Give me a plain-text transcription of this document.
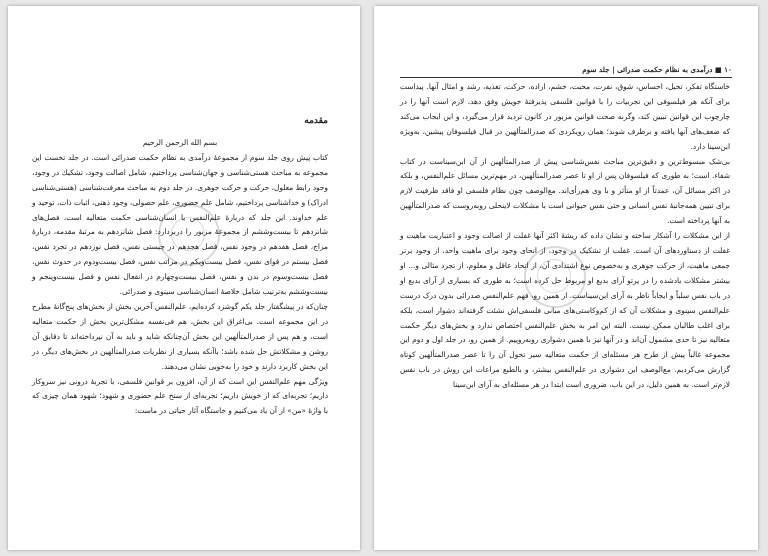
مقدمه

بسم الله الرحمن الرحيم

كتاب پيش روى جلد سوم از مجموعهٔ درآمدی به نظام حكمت صدرائی است. در جلد نخست اين مجموعه به مباحث هستی‌شناسی و جهان‌شناسی پرداختيم، شامل اصالت وجود، تشكيك در وجود، وجود رابط معلول، حركت و حركت جوهری. در جلد دوم به مباحث معرفت‌شناسی (هستی‌شناسی ادراک) و خداشناسی پرداختيم، شامل علم حضوری، علم حصولی، وجود ذهنی، اثبات ذات، توحيد و علم خداوند. اين جلد كه دربارهٔ علم‌النفس يا انسان‌شناسی حكمت متعاليه است، فصل‌هاى شانزدهم تا بيست‌وششم از مجموعهٔ مزبور را دربردارد: فصل شانزدهم به مرتبهٔ مقدمه، دربارهٔ مزاج، فصل هفدهم در وجود نفس، فصل هجدهم در چيستی نفس، فصل نوزدهم در تجرد نفس، فصل بيستم در قوای نفس، فصل بيست‌ويكم در مراتب نفس، فصل بيست‌ودوم در حدوث نفس، فصل بيست‌وسوم در بدن و نفس، فصل بيست‌وچهارم در انفعال نفس و فصل بيست‌وپنجم و بيست‌وششم به‌ترتيب شامل خلاصهٔ انسان‌شناسی سينوی و صدرائی.

چنان‌كه در پيشگفتار جلد يكم گوشزد كرده‌ايم، علم‌النفس آخرين بخش از بخش‌های پنج‌گانهٔ مطرح در اين مجموعه است. بی‌اغراق اين بخش، هم فی‌نفسه مشكل‌ترين بخش از حكمت متعاليه است، و هم پس از صدرالمتألهين اين بخش آن‌چنانكه شايد و بايد به آن نپرداخته‌اند تا دقايق آن روشن و مشكلاتش حل شده باشد؛ باآنكه بسياری از نظريات صدرالمتألهين در بخش‌های ديگر، در اين بخش كاربرد دارند و خود را به‌خوبی نشان می‌دهند.

ويژگی مهم علم‌النفس اين است كه از آن، افزون بر قوانين فلسفی، با تجربهٔ درونی نيز سروكار داريم؛ تجربه‌ای كه از خويش داريم؛ تجربه‌ای از سنخ علم حضوری و شهود؛ شهود همان چيزی كه با واژهٔ «من» از آن ياد می‌كنيم و خاستگاه آثار حياتی در ماست:

۱۰ ■ درآمدی به نظام حكمت صدرائی | جلد سوم

خاستگاه تفكر، تخيل، احساس، شوق، نفرت، محبت، خشم، اراده، حركت، تغذيه، رشد و امثال آنها. پيداست برای آنكه هر فيلسوفی اين تجربيات را با قوانين فلسفی پذيرفتهٔ خويش وفق دهد، لازم است آنها را در چارچوب اين قوانين تبيين كند، وگرنه صحت قوانين مزبور در كانون ترديد قرار می‌گيرد، و اين ايجاب می‌كند كه ضعف‌های آنها يافته و برطرف شوند؛ همان رويكردی كه صدرالمتألهين در قبال فيلسوفان پيشين، به‌ويژه ابن‌سينا دارد.

بی‌شک مبسوط‌ترين و دقيق‌ترين مباحث نفس‌شناسی پيش از صدرالمتألهين از آن ابن‌سيناست در كتاب شفاء. است؛ به طوری كه فيلسوفان پس از او تا عصر صدرالمتألهين، در مهم‌ترين مسائل علم‌النفس، و بلكه در اكثر مسائل آن، عمدتاً از او متأثر و با وی هم‌رأی‌اند. مع‌الوصف چون نظام فلسفی او فاقد ظرفيت لازم برای تبيين همه‌جانبهٔ نفس انسانی و حتی نفس حيوانی است با مشكلات لاينحلی روبه‌روست كه صدرالمتألهين به آنها پرداخته است.

از اين مشكلات را آشكار ساخته و نشان داده كه ريشهٔ اكثر آنها غفلت از اصالت وجود و اعتباريت ماهيت و غفلت از دستاوردهای آن است. غفلت از تشكيک در وجود، از انحای وجود برای ماهيت واحد، از وجود برتر جمعی ماهيت، از حركت جوهری و به‌خصوص نوع اشتدادی آن، از اتحاد عاقل و معلوم، از تجرد مثالی و... او بيشتر مشكلات يادشده را در پرتو آرای بديع او مربوط حل كرده است؛ به طوری كه بسياری از آرای بديع او در باب نفس سلباً و ايجاباً ناظر به آرای ابن‌سيناست. از همين رو، فهم علم‌النفس صدرائی بدون درک درست علم‌النفس سينوی و مشكلات آن كه از كم‌وكاستی‌های مبانی فلسفی‌اش نشئت گرفته‌اند دشوار است، بلكه برای اغلب طالبان ممكن نيست. البته اين امر به بخش علم‌النفس اختصاص ندارد و بخش‌های ديگر حكمت متعاليه نيز تا حدی مشمول آن‌اند و در آنها نيز با همين دشواری روبه‌روييم. از همين رو، در جلد اول و دوم اين مجموعه غالباً پيش از طرح هر مسئله‌ای از حكمت متعاليه سير تحول آن را تا عصر صدرالمتألهين كوتاه گزارش می‌كرديم. مع‌الوصف اين دشواری در علم‌النفس بيشتر، و بالطبع مراعات اين روش در باب نفس لازم‌تر است. به همين دليل، در اين باب، ضروری است ابتدا در هر مسئله‌ای به آرای ابن‌سينا
